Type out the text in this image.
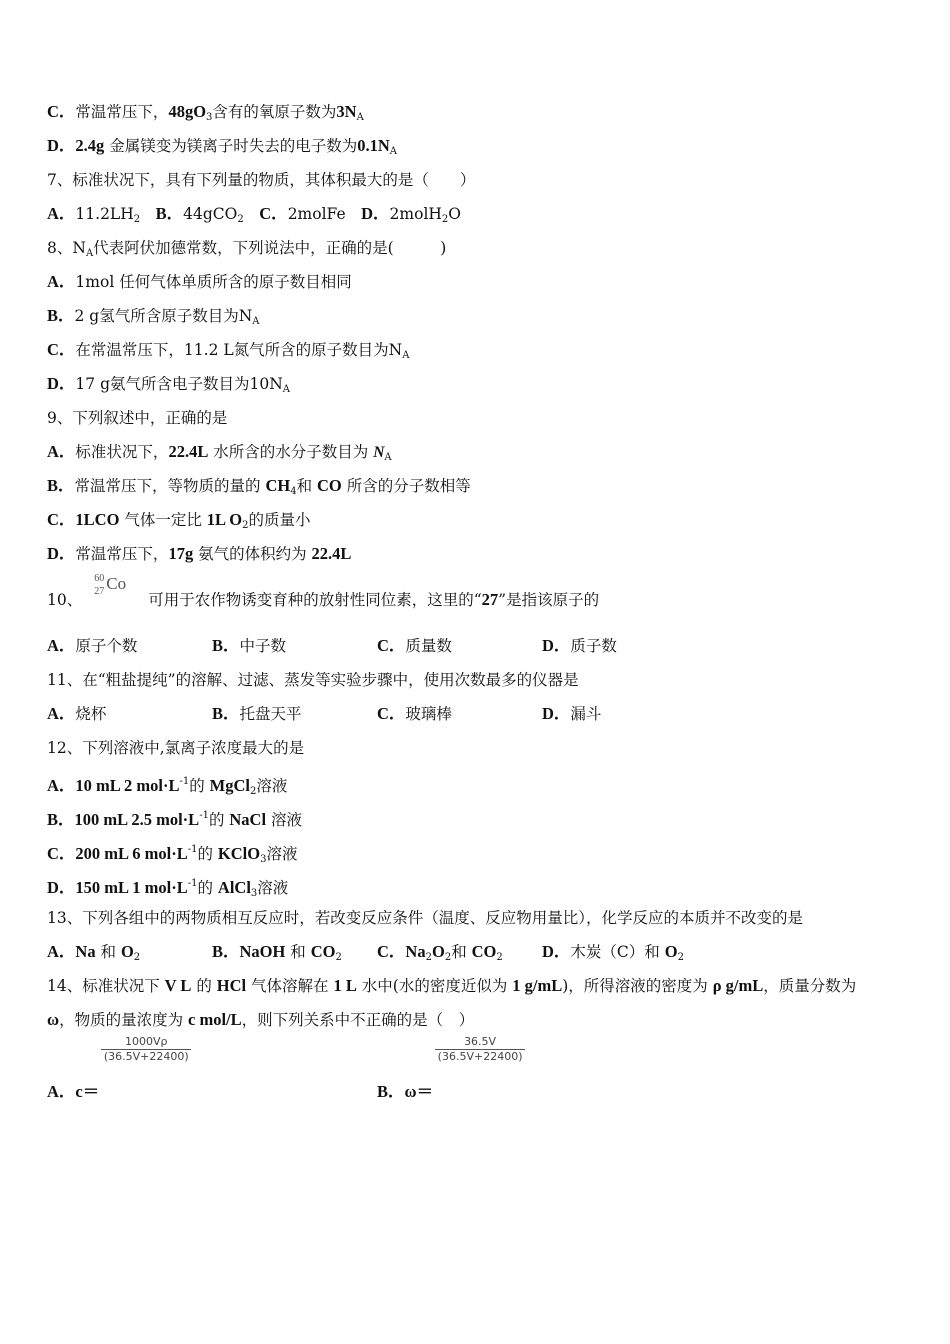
C．常温常压下，$48gO_3$含有的氧原子数为$3N_A$
D．2.4g 金属镁变为镁离子时失去的电子数为$0.1N_A$
7、标准状况下，具有下列量的物质，其体积最大的是（　　）
A．$11.2LH_2$　 B．44gCO$_2$　 C．2molFe　D．2molH$_2$O
8、$N_A$代表阿伏加德常数，下列说法中，正确的是(　　　)
A．1mol 任何气体单质所含的原子数目相同
B．2 g氢气所含原子数目为$N_A$
C．在常温常压下，11.2 L氮气所含的原子数目为$N_A$
D．17 g氨气所含电子数目为$10N_A$
9、下列叙述中，正确的是
A．标准状况下，22.4L 水所含的水分子数目为 $N_A$
B．常温常压下，等物质的量的 $CH_4$和 CO 所含的分子数相等
C．1LCO 气体一定比 1L $O_2$的质量小
D．常温常压下，17g 氨气的体积约为 22.4L
10、
60
27 Co
可用于农作物诱变育种的放射性同位素，这里的“27”是指该原子的
A．原子个数	B．中子数	C．质量数	D．质子数
11、在“粗盐提纯”的溶解、过滤、蒸发等实验步骤中，使用次数最多的仪器是
A．烧杯	B．托盘天平	C．玻璃棒	D．漏斗
12、下列溶液中,氯离子浓度最大的是
A．10 mL 2 $mol\cdot L^{-1}$的 MgCl$_2$溶液
B．100 mL 2.5 $mol\cdot L^{-1}$的 NaCl 溶液
C．200 mL 6 $mol\cdot L^{-1}$的 KClO$_3$溶液
D．150 mL 1 $mol\cdot L^{-1}$的 AlCl$_3$溶液
13、下列各组中的两物质相互反应时，若改变反应条件（温度、反应物用量比），化学反应的本质并不改变的是
A．Na 和 $O_2$	B．NaOH 和 $CO_2$ C．$Na_2O_2$和 $CO_2$ D．木炭（C）和 $O_2$
14、标准状况下 V L 的 HCl 气体溶解在 1 L 水中(水的密度近似为 1 g/mL)，所得溶液的密度为 ρ g/mL，质量分数为
ω，物质的量浓度为 c mol/L，则下列关系中不正确的是（　）
A．$c= \frac{1000V\rho}{(36.5V+22400)}$	B．$\omega= \frac{36.5V}{(36.5V+22400)}$
